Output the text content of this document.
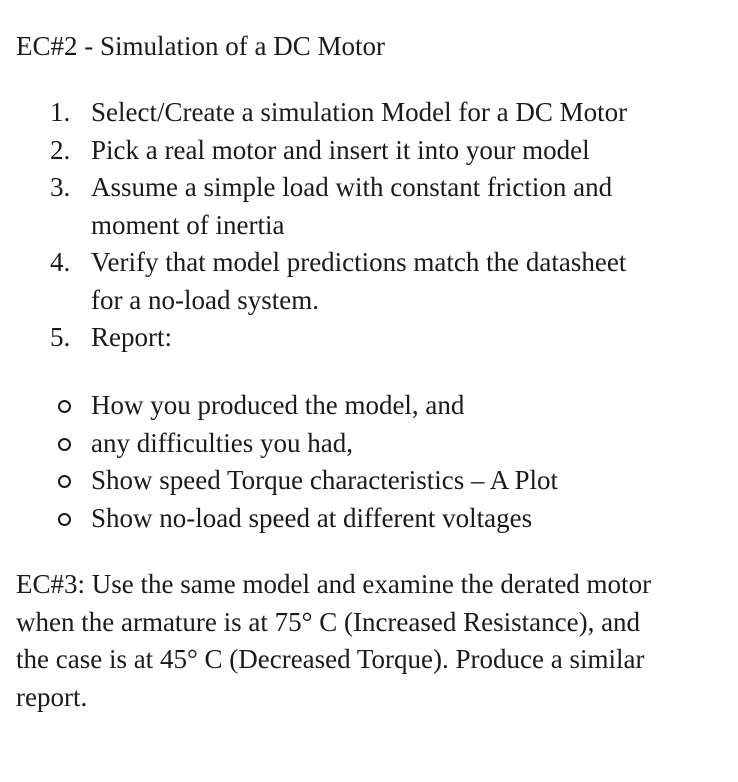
EC#2 - Simulation of a DC Motor
1. Select/Create a simulation Model for a DC Motor
2. Pick a real motor and insert it into your model
3. Assume a simple load with constant friction and
moment of inertia
4. Verify that model predictions match the datasheet
for a no-load system.
5. Report:
How you produced the model, and
any difficulties you had,
Show speed Torque characteristics – A Plot
Show no-load speed at different voltages
EC#3: Use the same model and examine the derated motor
when the armature is at 75° C (Increased Resistance), and
the case is at 45° C (Decreased Torque). Produce a similar
report.
